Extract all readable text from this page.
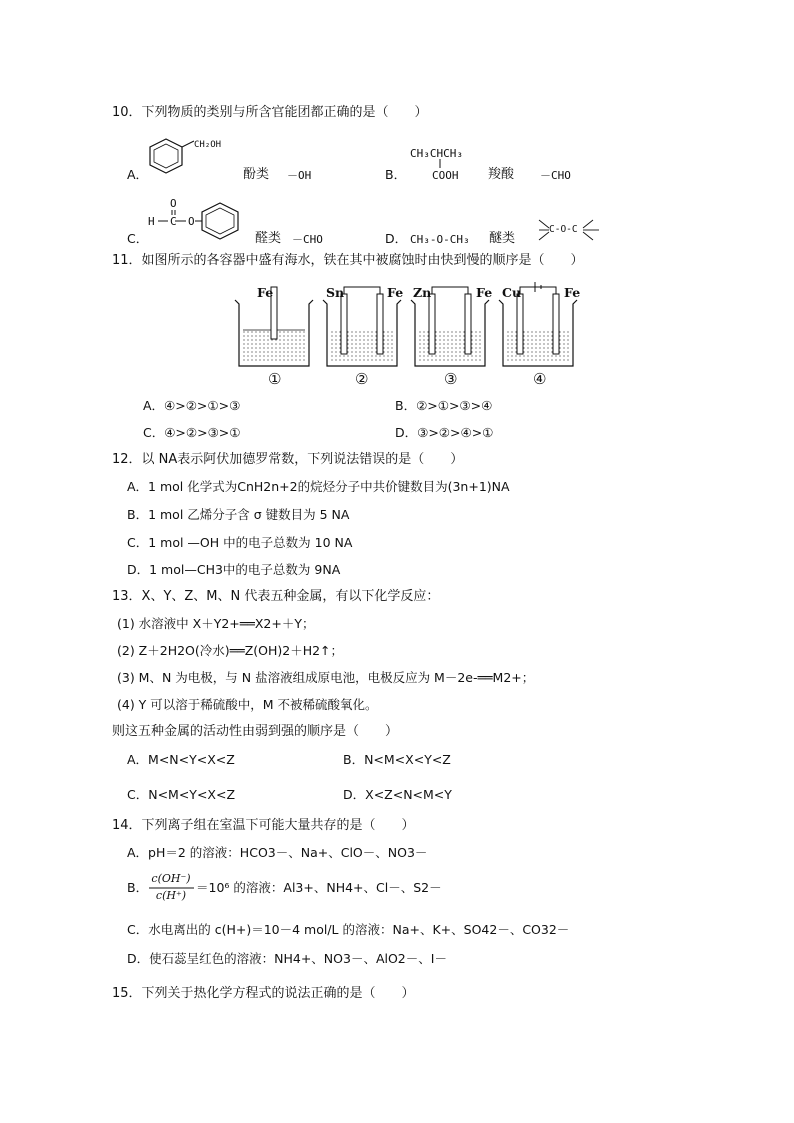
10．下列物质的类别与所含官能团都正确的是（　　）
A．
CH₂OH
酚类 －OH	B．
CH₃CHCH₃
COOH 羧酸 －CHO
C．
H C
O
O
醛类 －CHO	D． CH₃-O-CH₃ 醚类
C-O-C
11．如图所示的各容器中盛有海水，铁在其中被腐蚀时由快到慢的顺序是（　　）
Fe	Sn	Fe Zn	Fe Cu	Fe
①	②	③	④
A．④>②>①>③	B．②>①>③>④
C．④>②>③>①	D．③>②>④>①
12．以 NA表示阿伏加德罗常数，下列说法错误的是（　　）
A．1 mol 化学式为CnH2n+2的烷烃分子中共价键数目为(3n+1)NA
B．1 mol 乙烯分子含 σ 键数目为 5 NA
C．1 mol —OH 中的电子总数为 10 NA
D．1 mol—CH3中的电子总数为 9NA
13．X、Y、Z、M、N 代表五种金属，有以下化学反应：
(1) 水溶液中 X＋Y2+══X2+＋Y；
(2) Z＋2H2O(冷水)══Z(OH)2＋H2↑；
(3) M、N 为电极，与 N 盐溶液组成原电池，电极反应为 M－2e-══M2+；
(4) Y 可以溶于稀硫酸中，M 不被稀硫酸氧化。
则这五种金属的活动性由弱到强的顺序是（　　）
A．M<N<Y<X<Z	B．N<M<X<Y<Z
C．N<M<Y<X<Z	D．X<Z<N<M<Y
14．下列离子组在室温下可能大量共存的是（　　）
A．pH＝2 的溶液：HCO3－、Na+、ClO－、NO3－
B．
c(OH⁻)
c(H⁺)
＝10⁶ 的溶液：Al3+、NH4+、Cl－、S2－
C．水电离出的 c(H+)＝10－4 mol/L 的溶液：Na+、K+、SO42－、CO32－
D．使石蕊呈红色的溶液：NH4+、NO3－、AlO2－、I－
15．下列关于热化学方程式的说法正确的是（　　）
